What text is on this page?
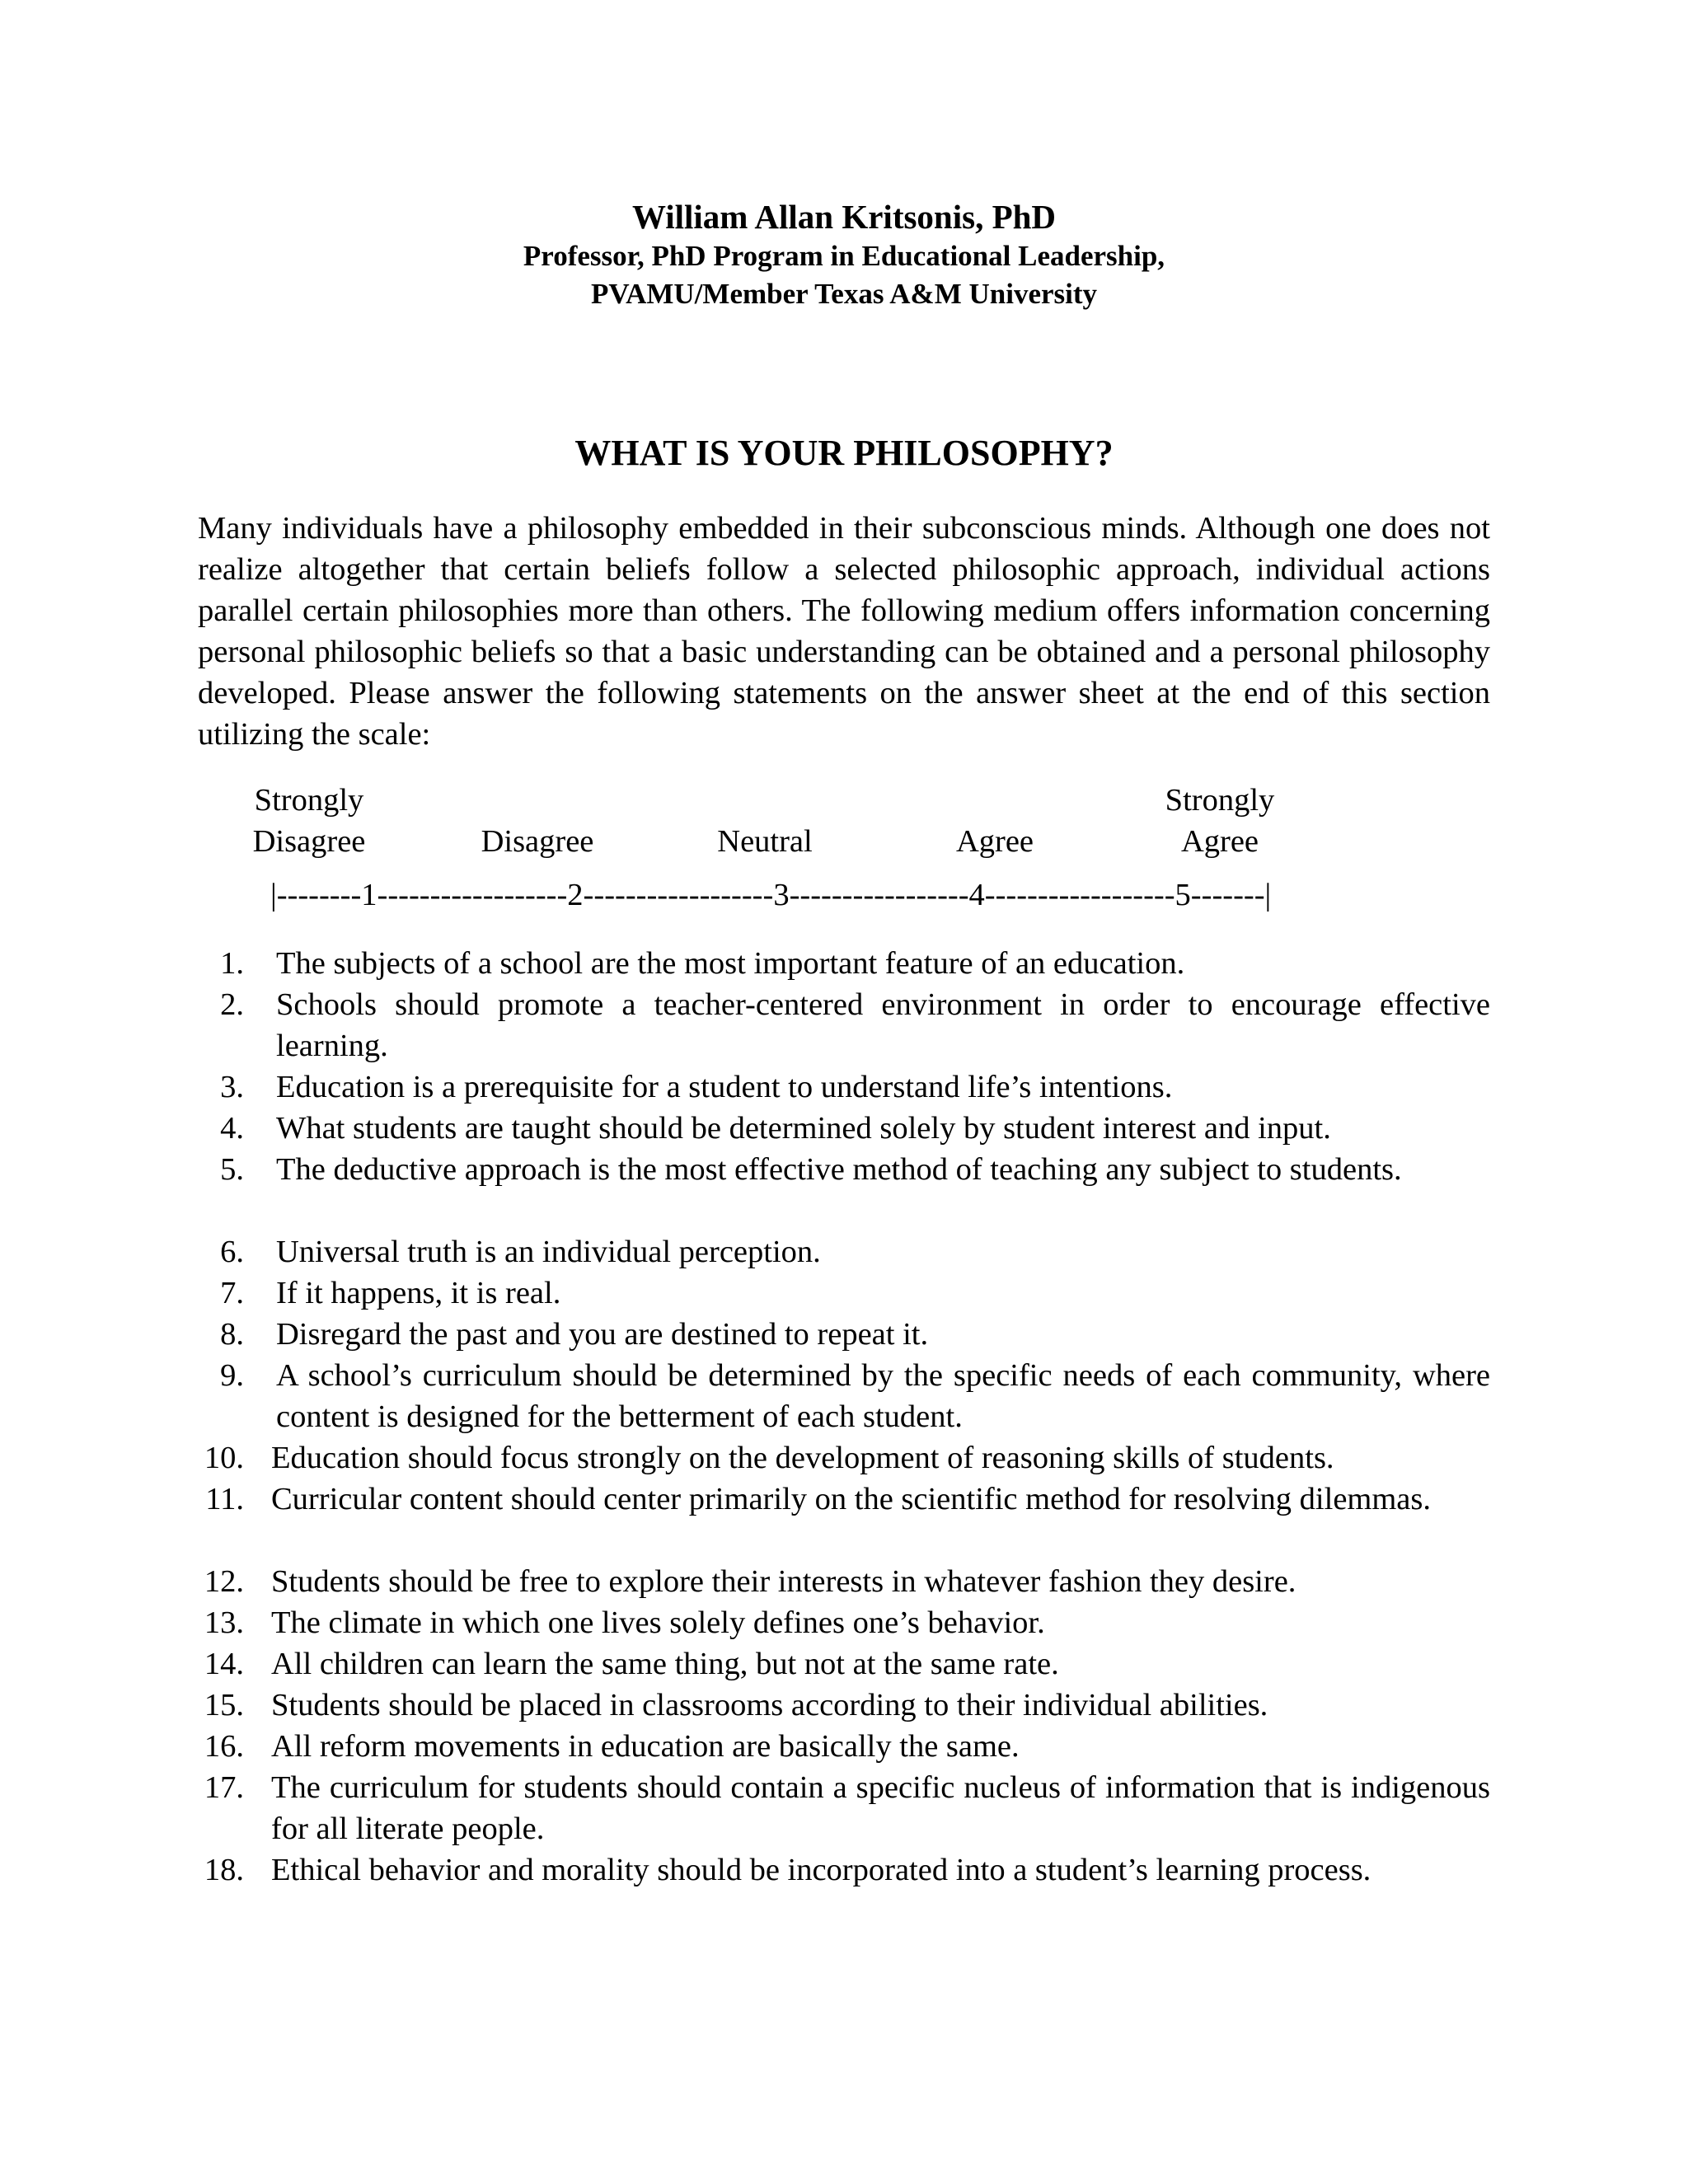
William Allan Kritsonis, PhD
Professor, PhD Program in Educational Leadership,
PVAMU/Member Texas A&M University
WHAT IS YOUR PHILOSOPHY?

Many individuals have a philosophy embedded in their subconscious minds. Although one does not realize altogether that certain beliefs follow a selected philosophic approach, individual actions parallel certain philosophies more than others. The following medium offers information concerning personal philosophic beliefs so that a basic understanding can be obtained and a personal philosophy developed. Please answer the following statements on the answer sheet at the end of this section utilizing the scale:

Strongly
Disagree	Disagree	Neutral	Agree
Strongly
Agree
|--------1------------------2------------------3-----------------4------------------5-------|
1. The subjects of a school are the most important feature of an education.

2. Schools should promote a teacher-centered environment in order to encourage effective learning.

3. Education is a prerequisite for a student to understand life’s intentions.

4. What students are taught should be determined solely by student interest and input.

5. The deductive approach is the most effective method of teaching any subject to students.

6. Universal truth is an individual perception.

7. If it happens, it is real.

8. Disregard the past and you are destined to repeat it.

9. A school’s curriculum should be determined by the specific needs of each community, where content is designed for the betterment of each student.

10. Education should focus strongly on the development of reasoning skills of students.

11. Curricular content should center primarily on the scientific method for resolving dilemmas.

12. Students should be free to explore their interests in whatever fashion they desire.

13. The climate in which one lives solely defines one’s behavior.

14. All children can learn the same thing, but not at the same rate.

15. Students should be placed in classrooms according to their individual abilities.

16. All reform movements in education are basically the same.

17. The curriculum for students should contain a specific nucleus of information that is indigenous for all literate people.

18. Ethical behavior and morality should be incorporated into a student’s learning process.
